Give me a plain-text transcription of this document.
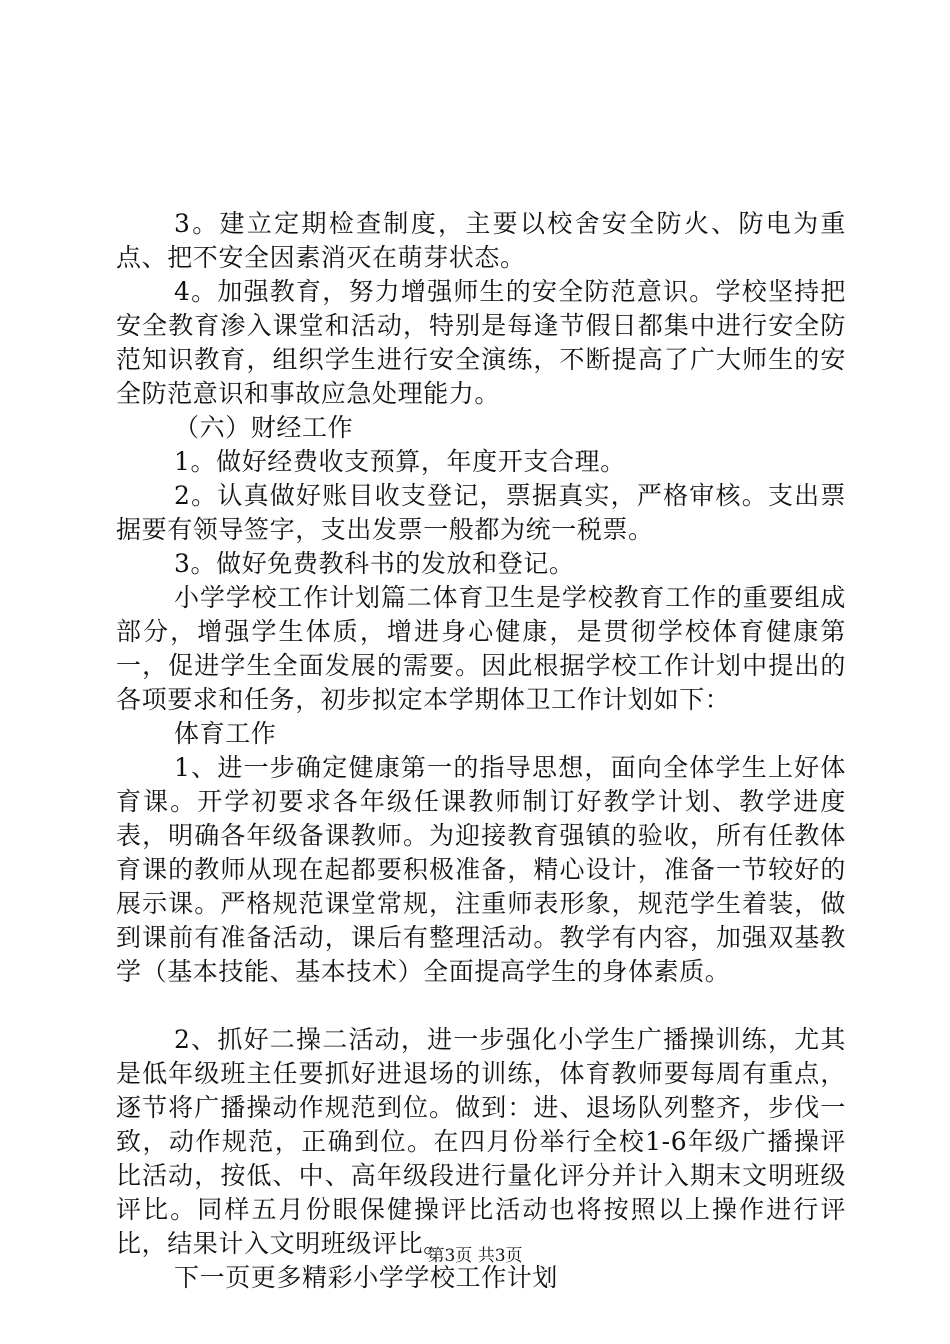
3。建立定期检查制度，主要以校舍安全防火、防电为重点、把不安全因素消灭在萌芽状态。

4。加强教育，努力增强师生的安全防范意识。学校坚持把安全教育渗入课堂和活动，特别是每逢节假日都集中进行安全防范知识教育，组织学生进行安全演练，不断提高了广大师生的安全防范意识和事故应急处理能力。

（六）财经工作

1。做好经费收支预算，年度开支合理。

2。认真做好账目收支登记，票据真实，严格审核。支出票据要有领导签字，支出发票一般都为统一税票。

3。做好免费教科书的发放和登记。

小学学校工作计划篇二体育卫生是学校教育工作的重要组成部分，增强学生体质，增进身心健康，是贯彻学校体育健康第一，促进学生全面发展的需要。因此根据学校工作计划中提出的各项要求和任务，初步拟定本学期体卫工作计划如下：

体育工作

1、进一步确定健康第一的指导思想，面向全体学生上好体育课。开学初要求各年级任课教师制订好教学计划、教学进度表，明确各年级备课教师。为迎接教育强镇的验收，所有任教体育课的教师从现在起都要积极准备，精心设计，准备一节较好的展示课。严格规范课堂常规，注重师表形象，规范学生着装，做到课前有准备活动，课后有整理活动。教学有内容，加强双基教学（基本技能、基本技术）全面提高学生的身体素质。

2、抓好二操二活动，进一步强化小学生广播操训练，尤其是低年级班主任要抓好进退场的训练，体育教师要每周有重点，逐节将广播操动作规范到位。做到：进、退场队列整齐，步伐一致，动作规范，正确到位。在四月份举行全校1-6年级广播操评比活动，按低、中、高年级段进行量化评分并计入期末文明班级评比。同样五月份眼保健操评比活动也将按照以上操作进行评比，结果计入文明班级评比。

下一页更多精彩小学学校工作计划

第3页 共3页
